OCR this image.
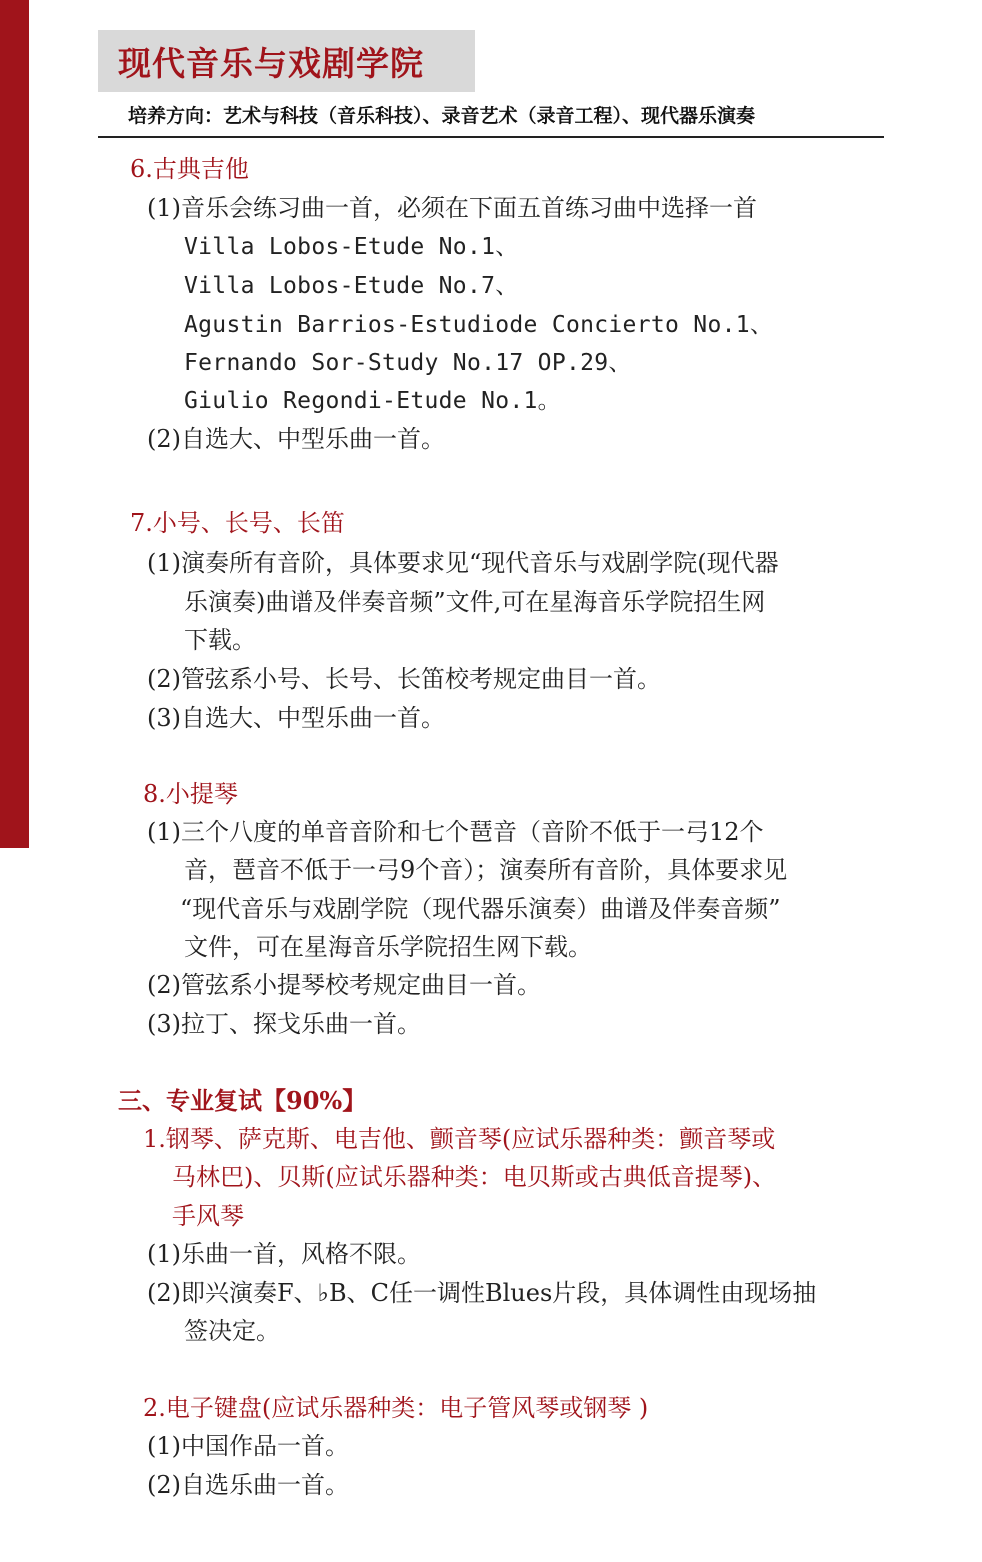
现代音乐与戏剧学院
培养方向：艺术与科技（音乐科技）、录音艺术（录音工程）、现代器乐演奏
6.古典吉他
(1)音乐会练习曲一首，必须在下面五首练习曲中选择一首
Villa Lobos-Etude No.1、
Villa Lobos-Etude No.7、
Agustin Barrios-Estudiode Concierto No.1、
Fernando Sor-Study No.17 OP.29、
Giulio Regondi-Etude No.1。
(2)自选大、中型乐曲一首。
7.小号、长号、长笛
(1)演奏所有音阶，具体要求见“现代音乐与戏剧学院(现代器
乐演奏)曲谱及伴奏音频”文件,可在星海音乐学院招生网
下载。
(2)管弦系小号、长号、长笛校考规定曲目一首。
(3)自选大、中型乐曲一首。
8.小提琴
(1)三个八度的单音音阶和七个琶音（音阶不低于一弓12个
音，琶音不低于一弓9个音）；演奏所有音阶，具体要求见
“现代音乐与戏剧学院（现代器乐演奏）曲谱及伴奏音频”
文件，可在星海音乐学院招生网下载。
(2)管弦系小提琴校考规定曲目一首。
(3)拉丁、探戈乐曲一首。
三、专业复试【90%】
1.钢琴、萨克斯、电吉他、颤音琴(应试乐器种类：颤音琴或
马林巴)、贝斯(应试乐器种类：电贝斯或古典低音提琴)、
手风琴
(1)乐曲一首，风格不限。
(2)即兴演奏F、♭B、C任一调性Blues片段，具体调性由现场抽
签决定。
2.电子键盘(应试乐器种类：电子管风琴或钢琴 )
(1)中国作品一首。
(2)自选乐曲一首。
